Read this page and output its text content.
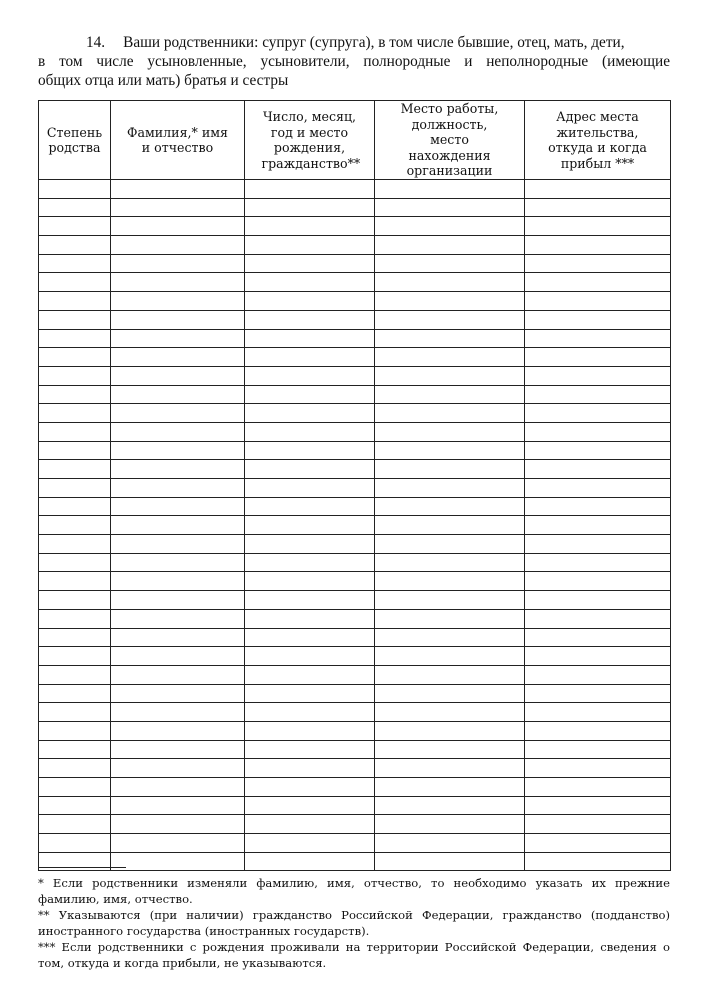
14. Ваши родственники: супруг (супруга), в том числе бывшие, отец, мать, дети,
в том числе усыновленные, усыновители, полнородные и неполнородные (имеющие
общих отца или мать) братья и сестры
Степень родства	Фамилия,* имя и отчество	Число, месяц, год и место рождения, гражданство**	Место работы, должность, место нахождения организации	Адрес места жительства, откуда и когда прибыл ***

* Если родственники изменяли фамилию, имя, отчество, то необходимо указать их прежние фамилию, имя, отчество.

** Указываются (при наличии) гражданство Российской Федерации, гражданство (подданство) иностранного государства (иностранных государств).

*** Если родственники с рождения проживали на территории Российской Федерации, сведения о том, откуда и когда прибыли, не указываются.
